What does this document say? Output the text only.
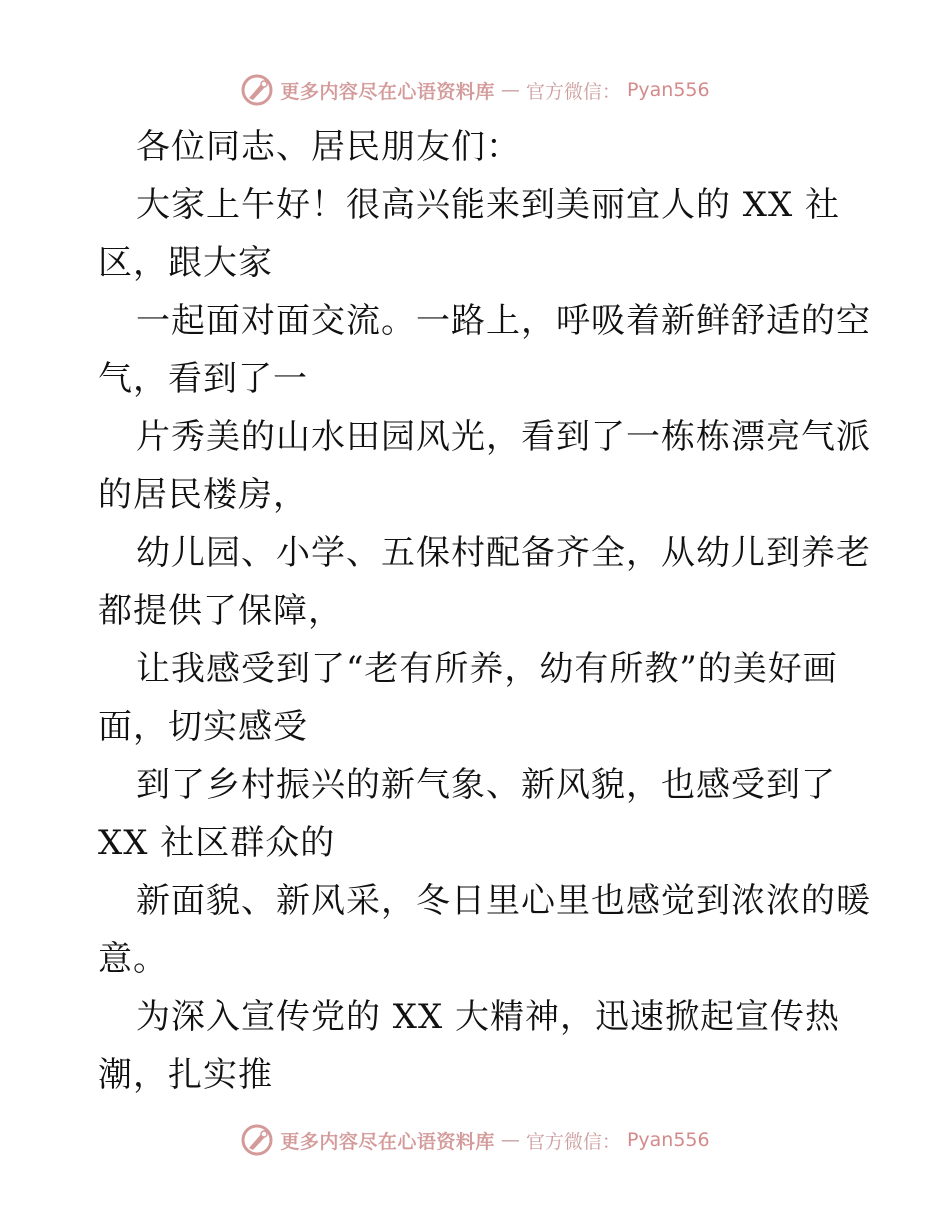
更多内容尽在心语资料库 — 官方微信： Pyan556
各位同志、居民朋友们：
大家上午好！很高兴能来到美丽宜人的 XX 社
区，跟大家
一起面对面交流。一路上，呼吸着新鲜舒适的空
气，看到了一
片秀美的山水田园风光，看到了一栋栋漂亮气派
的居民楼房，
幼儿园、小学、五保村配备齐全，从幼儿到养老
都提供了保障，
让我感受到了“老有所养，幼有所教”的美好画
面，切实感受
到了乡村振兴的新气象、新风貌，也感受到了
XX 社区群众的
新面貌、新风采，冬日里心里也感觉到浓浓的暖
意。
为深入宣传党的 XX 大精神，迅速掀起宣传热
潮，扎实推
更多内容尽在心语资料库 — 官方微信： Pyan556
